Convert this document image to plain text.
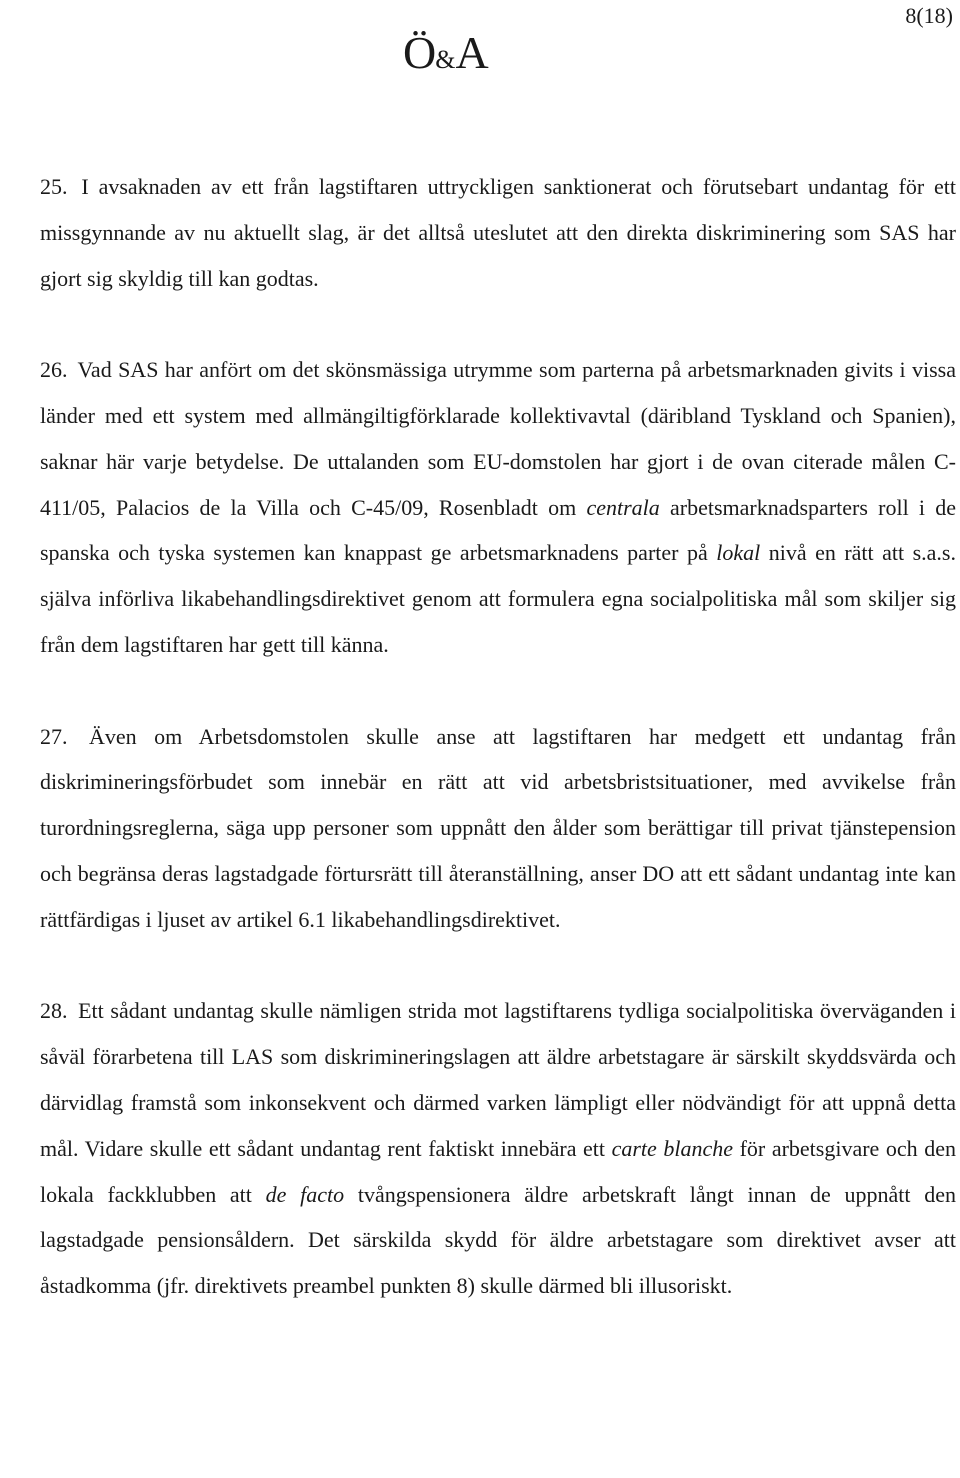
8(18)
Ö&A

25. I avsaknaden av ett från lagstiftaren uttryckligen sanktionerat och förutsebart undantag för ett missgynnande av nu aktuellt slag, är det alltså uteslutet att den direkta diskriminering som SAS har gjort sig skyldig till kan godtas.

26. Vad SAS har anfört om det skönsmässiga utrymme som parterna på arbetsmarknaden givits i vissa länder med ett system med allmängiltigförklarade kollektivavtal (däribland Tyskland och Spanien), saknar här varje betydelse. De uttalanden som EU-domstolen har gjort i de ovan citerade målen C-411/05, Palacios de la Villa och C-45/09, Rosenbladt om centrala arbetsmarknadsparters roll i de spanska och tyska systemen kan knappast ge arbetsmarknadens parter på lokal nivå en rätt att s.a.s. själva införliva likabehandlingsdirektivet genom att formulera egna socialpolitiska mål som skiljer sig från dem lagstiftaren har gett till känna.

27. Även om Arbetsdomstolen skulle anse att lagstiftaren har medgett ett undantag från diskrimineringsförbudet som innebär en rätt att vid arbetsbristsituationer, med avvikelse från turordningsreglerna, säga upp personer som uppnått den ålder som berättigar till privat tjänstepension och begränsa deras lagstadgade förtursrätt till återanställning, anser DO att ett sådant undantag inte kan rättfärdigas i ljuset av artikel 6.1 likabehandlingsdirektivet.

28. Ett sådant undantag skulle nämligen strida mot lagstiftarens tydliga socialpolitiska överväganden i såväl förarbetena till LAS som diskrimineringslagen att äldre arbetstagare är särskilt skyddsvärda och därvidlag framstå som inkonsekvent och därmed varken lämpligt eller nödvändigt för att uppnå detta mål. Vidare skulle ett sådant undantag rent faktiskt innebära ett carte blanche för arbetsgivare och den lokala fackklubben att de facto tvångspensionera äldre arbetskraft långt innan de uppnått den lagstadgade pensionsåldern. Det särskilda skydd för äldre arbetstagare som direktivet avser att åstadkomma (jfr. direktivets preambel punkten 8) skulle därmed bli illusoriskt.
